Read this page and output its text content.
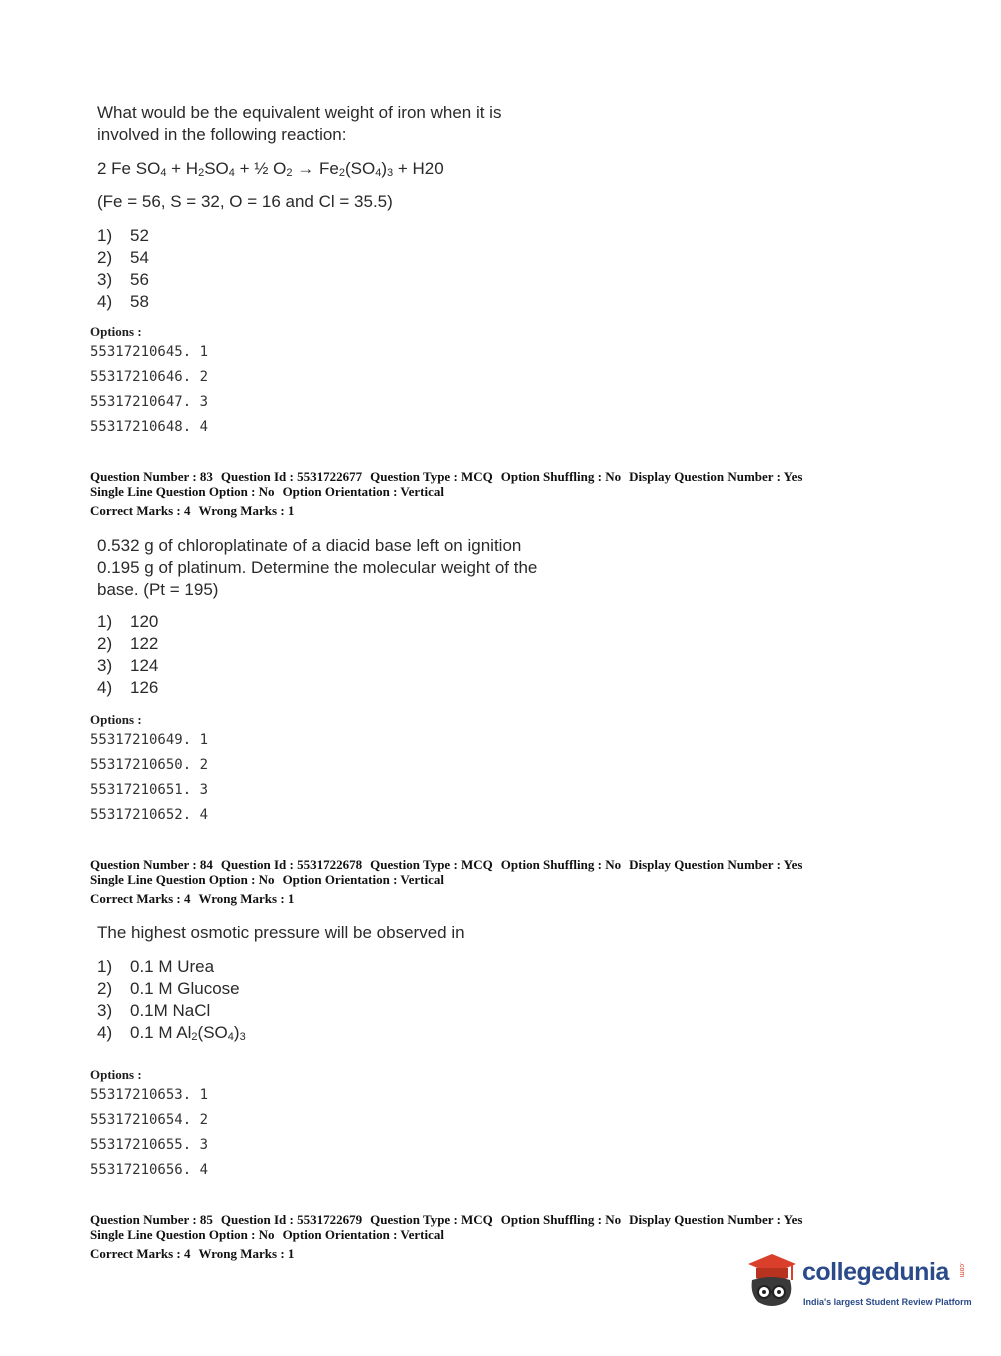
What would be the equivalent weight of iron when it is
involved in the following reaction:
2 Fe $SO_4 + H_2SO_4$ + ½ $O_2 \to Fe_2(SO_4)_3 + H20$
(Fe = 56, S = 32, O = 16 and Cl = 35.5)
1) 52
2) 54
3) 56
4) 58
Options :
55317210645. 1
55317210646. 2
55317210647. 3
55317210648. 4
Question Number : 83 Question Id : 5531722677 Question Type : MCQ Option Shuffling : No Display Question Number : Yes
Single Line Question Option : No Option Orientation : Vertical
Correct Marks : 4 Wrong Marks : 1
0.532 g of chloroplatinate of a diacid base left on ignition
0.195 g of platinum. Determine the molecular weight of the
base. (Pt = 195)
1) 120
2) 122
3) 124
4) 126
Options :
55317210649. 1
55317210650. 2
55317210651. 3
55317210652. 4
Question Number : 84 Question Id : 5531722678 Question Type : MCQ Option Shuffling : No Display Question Number : Yes
Single Line Question Option : No Option Orientation : Vertical
Correct Marks : 4 Wrong Marks : 1
The highest osmotic pressure will be observed in
1) 0.1 M Urea
2) 0.1 M Glucose
3) 0.1M NaCl
4) 0.1 M $Al_2(SO_4)_3$
Options :
55317210653. 1
55317210654. 2
55317210655. 3
55317210656. 4
Question Number : 85 Question Id : 5531722679 Question Type : MCQ Option Shuffling : No Display Question Number : Yes
Single Line Question Option : No Option Orientation : Vertical
Correct Marks : 4 Wrong Marks : 1
collegedunia .com
India's largest Student Review Platform
